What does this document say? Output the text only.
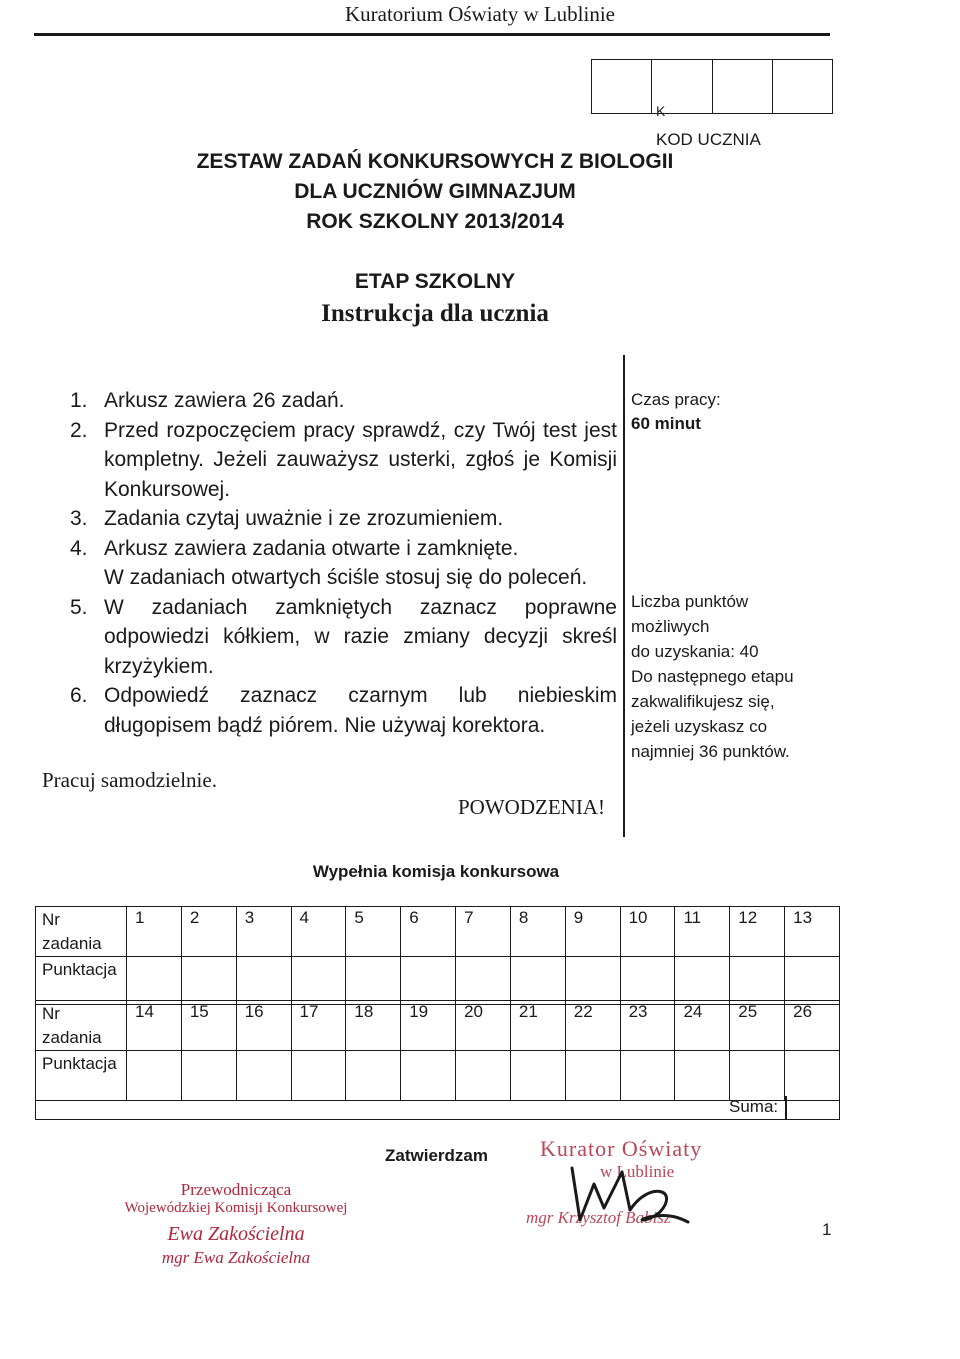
Kuratorium Oświaty w Lublinie
K
KOD UCZNIA
ZESTAW ZADAŃ KONKURSOWYCH Z BIOLOGII
DLA UCZNIÓW GIMNAZJUM
ROK SZKOLNY 2013/2014
ETAP SZKOLNY
Instrukcja dla ucznia
1. Arkusz zawiera 26 zadań.
2. Przed rozpoczęciem pracy sprawdź, czy Twój test jest kompletny. Jeżeli zauważysz usterki, zgłoś je Komisji Konkursowej.
3. Zadania czytaj uważnie i ze zrozumieniem.
4. Arkusz zawiera zadania otwarte i zamknięte.
W zadaniach otwartych ściśle stosuj się do poleceń.
5. W zadaniach zamkniętych zaznacz poprawne odpowiedzi kółkiem, w razie zmiany decyzji skreśl krzyżykiem.
6. Odpowiedź zaznacz czarnym lub niebieskim długopisem bądź piórem. Nie używaj korektora.
Czas pracy:
60 minut
Liczba punktów
możliwych
do uzyskania: 40
Do następnego etapu
zakwalifikujesz się,
jeżeli uzyskasz co
najmniej 36 punktów.
Pracuj samodzielnie.
POWODZENIA!
Wypełnia komisja konkursowa
Nr
zadania	1	2	3	4	5	6	7	8	9	10	11	12	13
Punktacja													
Nr
zadania	14	15	16	17	18	19	20	21	22	23	24	25	26
Punktacja													
Suma:
Zatwierdzam
Przewodnicząca
Wojewódzkiej Komisji Konkursowej
Ewa Zakościelna
mgr Ewa Zakościelna
Kurator Oświaty
w Lublinie
mgr Krzysztof Babisz
1
